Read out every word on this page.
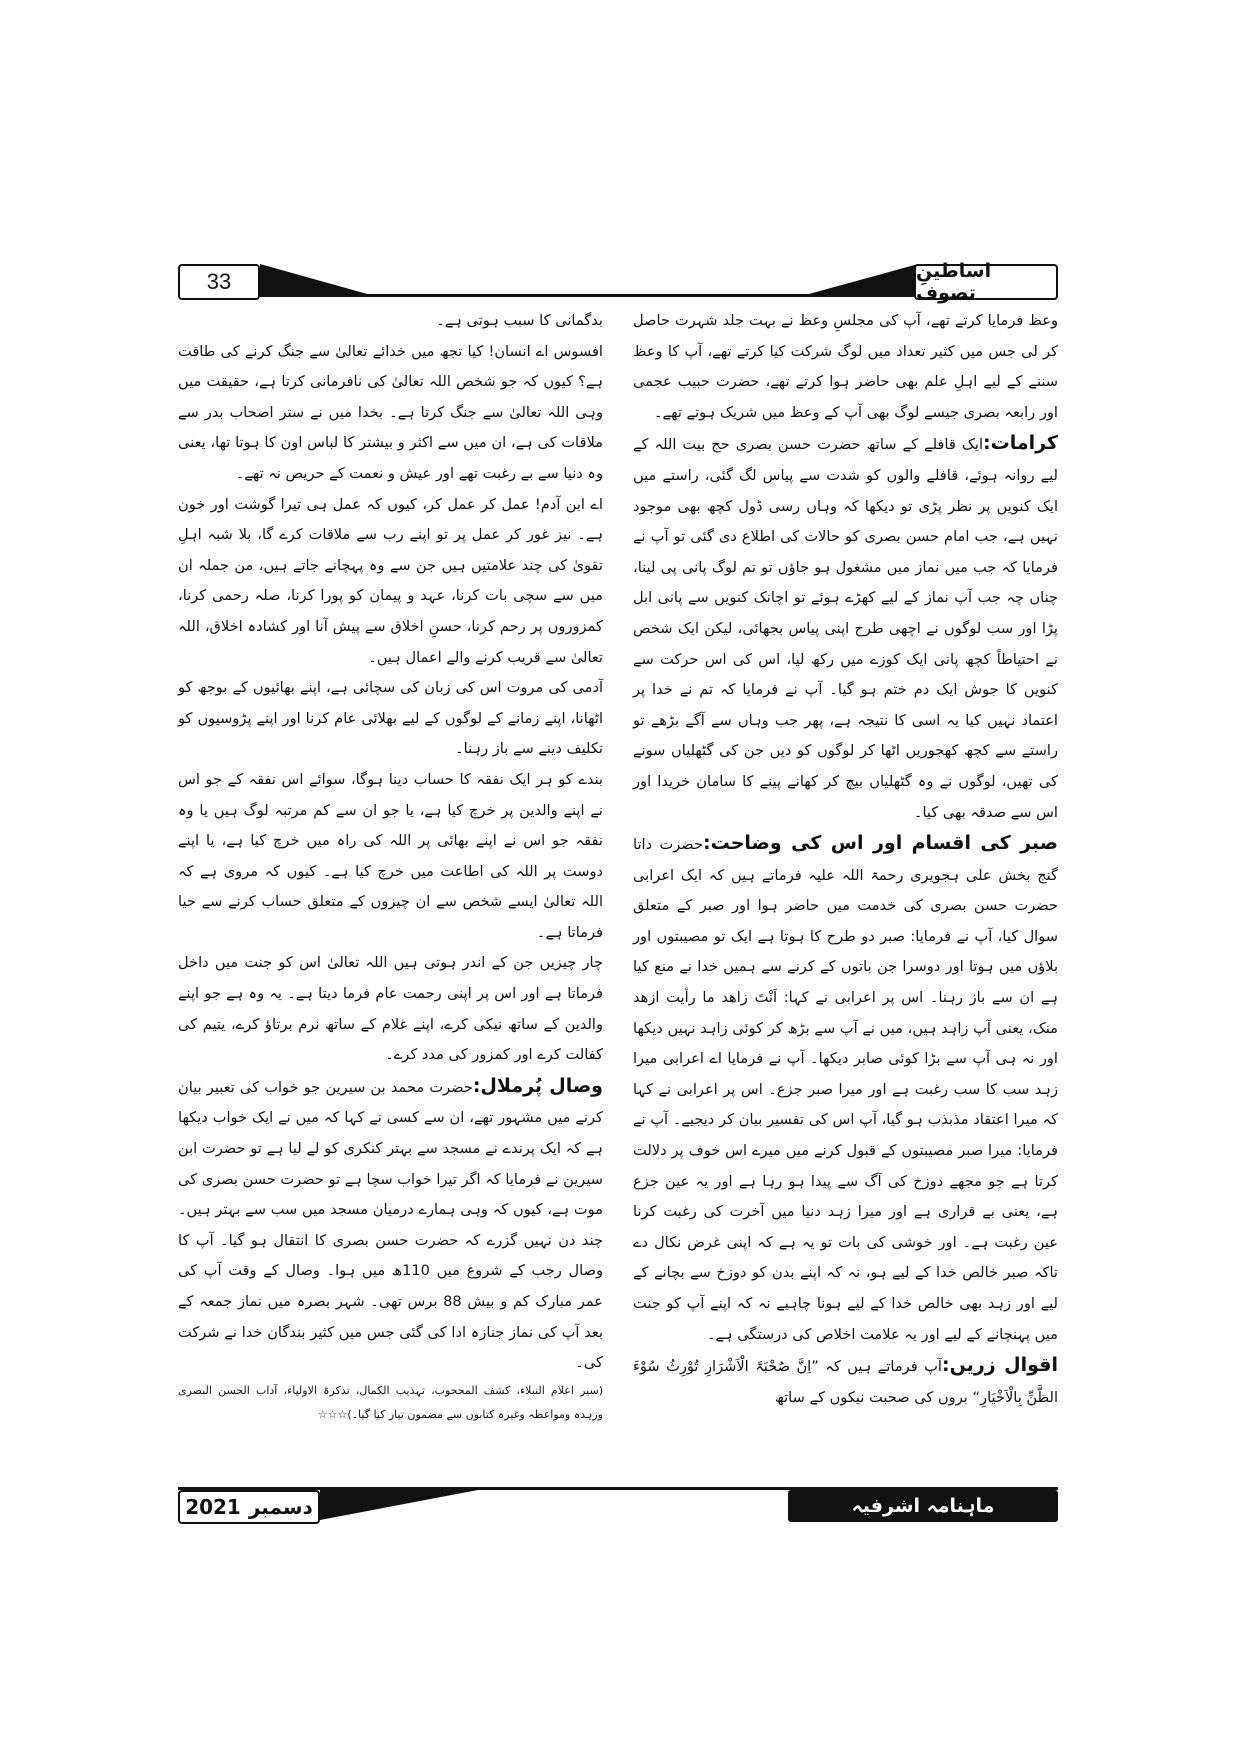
33	اساطینِ تصوف

وعظ فرمایا کرتے تھے، آپ کی مجلسِ وعظ نے بہت جلد شہرت حاصل کر لی جس میں کثیر تعداد میں لوگ شرکت کیا کرتے تھے، آپ کا وعظ سننے کے لیے اہلِ علم بھی حاضر ہوا کرتے تھے، حضرت حبیب عجمی اور رابعہ بصری جیسے لوگ بھی آپ کے وعظ میں شریک ہوتے تھے۔

کرامات:ایک قافلے کے ساتھ حضرت حسن بصری حج بیت اللہ کے لیے روانہ ہوئے، قافلے والوں کو شدت سے پیاس لگ گئی، راستے میں ایک کنویں پر نظر پڑی تو دیکھا کہ وہاں رسی ڈول کچھ بھی موجود نہیں ہے، جب امام حسن بصری کو حالات کی اطلاع دی گئی تو آپ نے فرمایا کہ جب میں نماز میں مشغول ہو جاؤں تو تم لوگ پانی پی لینا، چناں چہ جب آپ نماز کے لیے کھڑے ہوئے تو اچانک کنویں سے پانی ابل پڑا اور سب لوگوں نے اچھی طرح اپنی پیاس بجھائی، لیکن ایک شخص نے احتیاطاً کچھ پانی ایک کوزے میں رکھ لیا، اس کی اس حرکت سے کنویں کا جوش ایک دم ختم ہو گیا۔ آپ نے فرمایا کہ تم نے خدا پر اعتماد نہیں کیا یہ اسی کا نتیجہ ہے، پھر جب وہاں سے آگے بڑھے تو راستے سے کچھ کھجوریں اٹھا کر لوگوں کو دیں جن کی گٹھلیاں سونے کی تھیں، لوگوں نے وہ گٹھلیاں بیچ کر کھانے پینے کا سامان خریدا اور اس سے صدقہ بھی کیا۔

صبر کی اقسام اور اس کی وضاحت:حضرت داتا گنج بخش علی ہجویری رحمۃ اللہ علیہ فرماتے ہیں کہ ایک اعرابی حضرت حسن بصری کی خدمت میں حاضر ہوا اور صبر کے متعلق سوال کیا، آپ نے فرمایا: صبر دو طرح کا ہوتا ہے ایک تو مصیبتوں اور بلاؤں میں ہوتا اور دوسرا جن باتوں کے کرنے سے ہمیں خدا نے منع کیا ہے ان سے باز رہنا۔ اس پر اعرابی نے کہا: اَنْتَ زاھد ما رأیت ازھد منک، یعنی آپ زاہد ہیں، میں نے آپ سے بڑھ کر کوئی زاہد نہیں دیکھا اور نہ ہی آپ سے بڑا کوئی صابر دیکھا۔ آپ نے فرمایا اے اعرابی میرا زہد سب کا سب رغبت ہے اور میرا صبر جزع۔ اس پر اعرابی نے کہا کہ میرا اعتقاد مذبذب ہو گیا، آپ اس کی تفسیر بیان کر دیجیے۔ آپ نے فرمایا: میرا صبر مصیبتوں کے قبول کرنے میں میرے اس خوف پر دلالت کرتا ہے جو مجھے دوزخ کی آگ سے پیدا ہو رہا ہے اور یہ عین جزع ہے، یعنی بے قراری ہے اور میرا زہد دنیا میں آخرت کی رغبت کرنا عین رغبت ہے۔ اور خوشی کی بات تو یہ ہے کہ اپنی غرض نکال دے تاکہ صبر خالص خدا کے لیے ہو، نہ کہ اپنے بدن کو دوزخ سے بچانے کے لیے اور زہد بھی خالص خدا کے لیے ہونا چاہیے نہ کہ اپنے آپ کو جنت میں پہنچانے کے لیے اور یہ علامت اخلاص کی درستگی ہے۔

اقوال زریں:آپ فرماتے ہیں کہ ”اِنَّ صُحْبَۃَ الْاَشْرَارِ تُوْرِثُ سُوْءَ الظَّنِّ بِالْاَخْیَارِ“ بروں کی صحبت نیکوں کے ساتھ

بدگمانی کا سبب ہوتی ہے۔

افسوس اے انسان! کیا تجھ میں خدائے تعالیٰ سے جنگ کرنے کی طاقت ہے؟ کیوں کہ جو شخص اللہ تعالیٰ کی نافرمانی کرتا ہے، حقیقت میں وہی اللہ تعالیٰ سے جنگ کرتا ہے۔ بخدا میں نے ستر اصحاب بدر سے ملاقات کی ہے، ان میں سے اکثر و بیشتر کا لباس اون کا ہوتا تھا، یعنی وہ دنیا سے بے رغبت تھے اور عیش و نعمت کے حریص نہ تھے۔

اے ابن آدم! عمل کر عمل کر، کیوں کہ عمل ہی تیرا گوشت اور خون ہے۔ نیز غور کر عمل پر تو اپنے رب سے ملاقات کرے گا، بلا شبہ اہلِ تقویٰ کی چند علامتیں ہیں جن سے وہ پہچانے جاتے ہیں، من جملہ ان میں سے سچی بات کرنا، عہد و پیمان کو پورا کرنا، صلہ رحمی کرنا، کمزوروں پر رحم کرنا، حسنِ اخلاق سے پیش آنا اور کشادہ اخلاق، اللہ تعالیٰ سے قریب کرنے والے اعمال ہیں۔

آدمی کی مروت اس کی زبان کی سچائی ہے، اپنے بھائیوں کے بوجھ کو اٹھانا، اپنے زمانے کے لوگوں کے لیے بھلائی عام کرنا اور اپنے پڑوسیوں کو تکلیف دینے سے باز رہنا۔

بندے کو ہر ایک نفقہ کا حساب دینا ہوگا، سوائے اس نفقہ کے جو اس نے اپنے والدین پر خرچ کیا ہے، یا جو ان سے کم مرتبہ لوگ ہیں یا وہ نفقہ جو اس نے اپنے بھائی پر اللہ کی راہ میں خرچ کیا ہے، یا اپنے دوست پر اللہ کی اطاعت میں خرچ کیا ہے۔ کیوں کہ مروی ہے کہ اللہ تعالیٰ ایسے شخص سے ان چیزوں کے متعلق حساب کرنے سے حیا فرماتا ہے۔

چار چیزیں جن کے اندر ہوتی ہیں اللہ تعالیٰ اس کو جنت میں داخل فرماتا ہے اور اس پر اپنی رحمت عام فرما دیتا ہے۔ یہ وہ ہے جو اپنے والدین کے ساتھ نیکی کرے، اپنے غلام کے ساتھ نرم برتاؤ کرے، یتیم کی کفالت کرے اور کمزور کی مدد کرے۔

وصال پُرملال:حضرت محمد بن سیرین جو خواب کی تعبیر بیان کرنے میں مشہور تھے، ان سے کسی نے کہا کہ میں نے ایک خواب دیکھا ہے کہ ایک پرندے نے مسجد سے بہتر کنکری کو لے لیا ہے تو حضرت ابن سیرین نے فرمایا کہ اگر تیرا خواب سچا ہے تو حضرت حسن بصری کی موت ہے، کیوں کہ وہی ہمارے درمیان مسجد میں سب سے بہتر ہیں۔ چند دن نہیں گزرے کہ حضرت حسن بصری کا انتقال ہو گیا۔ آپ کا وصال رجب کے شروع میں 110ھ میں ہوا۔ وصال کے وقت آپ کی عمر مبارک کم و بیش 88 برس تھی۔ شہر بصرہ میں نماز جمعہ کے بعد آپ کی نماز جنازہ ادا کی گئی جس میں کثیر بندگان خدا نے شرکت کی۔

(سیر اعلام النبلاء، کشف المحجوب، تہذیب الکمال، تذکرۃ الاولیاء، آداب الحسن البصری وزہدہ ومواعظہ وغیرہ کتابوں سے مضمون تیار کیا گیا۔)☆☆☆

2021 دسمبر	ماہنامہ اشرفیہ
